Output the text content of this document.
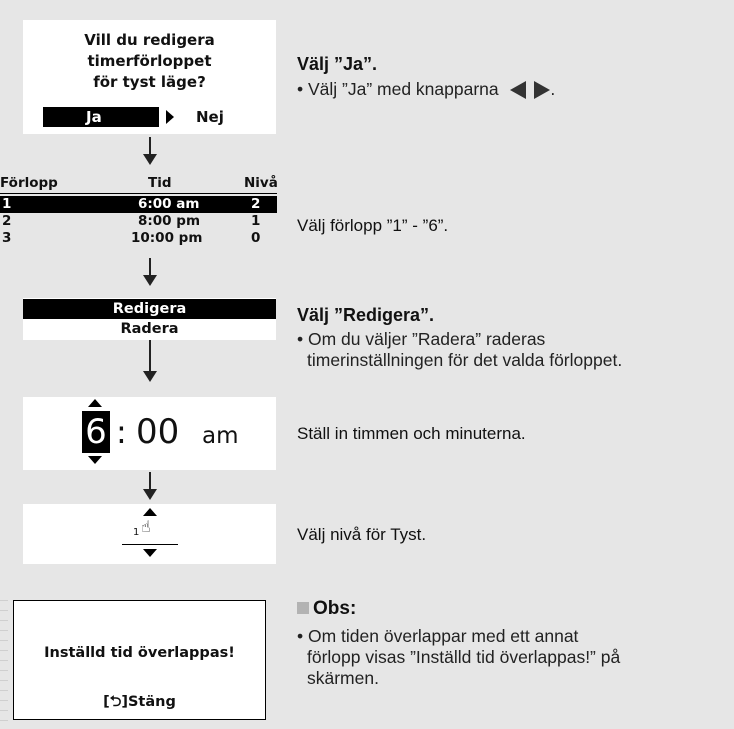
Vill du redigera
timerförloppet
för tyst läge?
Ja	Nej
Välj ”Ja”.
• Välj ”Ja” med knapparna	.
Förlopp	Tid	Nivå
1	6:00 am	2
2	8:00 pm	1
3	10:00 pm	0
Välj förlopp ”1” - ”6”.
Redigera
Radera
Välj ”Redigera”.
• Om du väljer ”Radera” raderas
timerinställningen för det valda förloppet.
6 : 00 am	Ställ in timmen och minuterna.
☝
1	Välj nivå för Tyst.
Inställd tid överlappas!
[⮌]Stäng
Obs:
• Om tiden överlappar med ett annat
förlopp visas ”Inställd tid överlappas!” på
skärmen.
